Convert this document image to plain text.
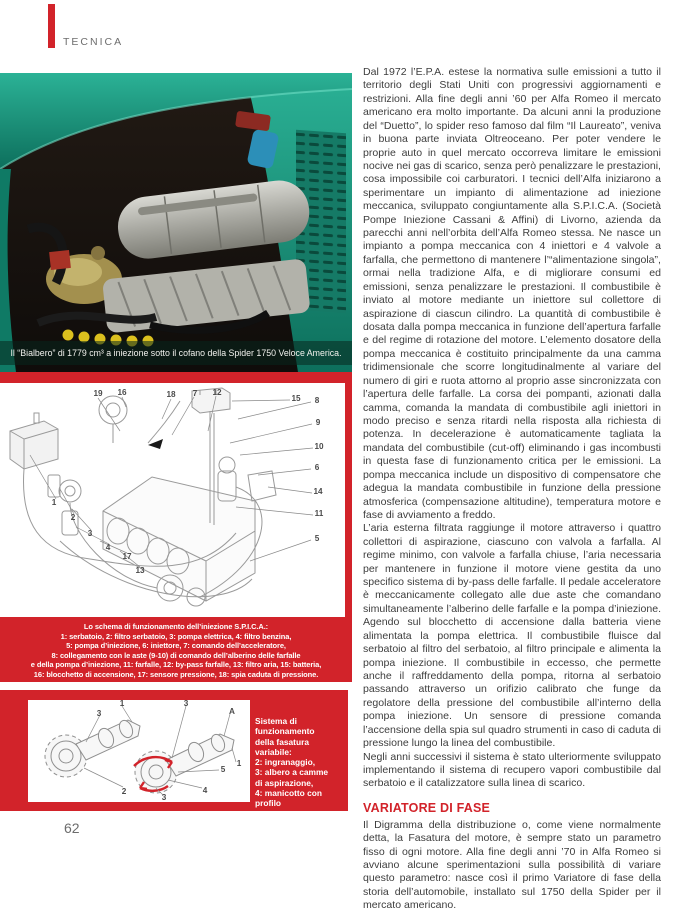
TECNICA
Il “Bialbero” di 1779 cm³ a iniezione sotto il cofano della Spider 1750 Veloce America.
19 16	18 7 12
15 8
9
10
6
14
11
5
1
2
3
4
17
13
Lo schema di funzionamento dell’iniezione S.P.I.C.A.:
1: serbatoio, 2: filtro serbatoio, 3: pompa elettrica, 4: filtro benzina,
5: pompa d’iniezione, 6: iniettore, 7: comando dell’acceleratore,
8: collegamento con le aste (9-10) di comando dell’alberino delle farfalle
e della pompa d’iniezione, 11: farfalle, 12: by-pass farfalle, 13: filtro aria, 15: batteria,
16: blocchetto di accensione, 17: sensore pressione, 18: spia caduta di pressione.
1
3
2
3
A
1
5
4
3
Sistema di funzionamento
della fasatura variabile:
2: ingranaggio,
3: albero a camme
di aspirazione,
4: manicotto con profilo
interno scanalato;
5: molla di richiamo.
62

Dal 1972 l’E.P.A. estese la normativa sulle emissioni a tutto il territorio degli Stati Uniti con progressivi aggiornamenti e restrizioni. Alla fine degli anni ’60 per Alfa Romeo il mercato americano era molto importante. Da alcuni anni la produzione del “Duetto”, lo spider reso famoso dal film “Il Laureato”, veniva in buona parte inviata Oltreoceano. Per poter vendere le proprie auto in quel mercato occorreva limitare le emissioni nocive nei gas di scarico, senza però penalizzare le prestazioni, cosa impossibile coi carburatori. I tecnici dell’Alfa iniziarono a sperimentare un impianto di alimentazione ad iniezione meccanica, sviluppato congiuntamente alla S.P.I.C.A. (Società Pompe Iniezione Cassani & Affini) di Livorno, azienda da parecchi anni nell’orbita dell’Alfa Romeo stessa. Ne nasce un impianto a pompa meccanica con 4 iniettori e 4 valvole a farfalla, che permettono di mantenere l’“alimentazione singola”, ormai nella tradizione Alfa, e di migliorare consumi ed emissioni, senza penalizzare le prestazioni. Il combustibile è inviato al motore mediante un iniettore sul collettore di aspirazione di ciascun cilindro. La quantità di combustibile è dosata dalla pompa meccanica in funzione dell’apertura farfalle e del regime di rotazione del motore. L’elemento dosatore della pompa meccanica è costituito principalmente da una camma tridimensionale che scorre longitudinalmente al variare del numero di giri e ruota attorno al proprio asse sincronizzata con l’apertura delle farfalle. La corsa dei pompanti, azionati dalla camma, comanda la mandata di combustibile agli iniettori in modo preciso e senza ritardi nella risposta alla richiesta di potenza. In decelerazione è automaticamente tagliata la mandata del combustibile (cut-off) eliminando i gas incombusti in questa fase di funzionamento critica per le emissioni. La pompa meccanica include un dispositivo di compensatore che adegua la mandata combustibile in funzione della pressione atmosferica (compensazione altitudine), temperatura motore e fase di avviamento a freddo.

L’aria esterna filtrata raggiunge il motore attraverso i quattro collettori di aspirazione, ciascuno con valvola a farfalla. Al regime minimo, con valvole a farfalla chiuse, l’aria necessaria per mantenere in funzione il motore viene gestita da uno specifico sistema di by-pass delle farfalle. Il pedale acceleratore è meccanicamente collegato alle due aste che comandano simultaneamente l’alberino delle farfalle e la pompa d’iniezione. Agendo sul blocchetto di accensione dalla batteria viene alimentata la pompa elettrica. Il combustibile fluisce dal serbatoio al filtro del serbatoio, al filtro principale e alimenta la pompa iniezione. Il combustibile in eccesso, che permette anche il raffreddamento della pompa, ritorna al serbatoio passando attraverso un orifizio calibrato che funge da regolatore della pressione del combustibile all’interno della pompa iniezione. Un sensore di pressione comanda l’accensione della spia sul quadro strumenti in caso di caduta di pressione lungo la linea del combustibile.

Negli anni successivi il sistema è stato ulteriormente sviluppato implementando il sistema di recupero vapori combustibile dal serbatoio e il catalizzatore sulla linea di scarico.

VARIATORE DI FASE

Il Digramma della distribuzione o, come viene normalmente detta, la Fasatura del motore, è sempre stato un parametro fisso di ogni motore. Alla fine degli anni ’70 in Alfa Romeo si avviano alcune sperimentazioni sulla possibilità di variare questo parametro: nasce così il primo Variatore di fase della storia dell’automobile, installato sul 1750 della Spider per il mercato americano.
